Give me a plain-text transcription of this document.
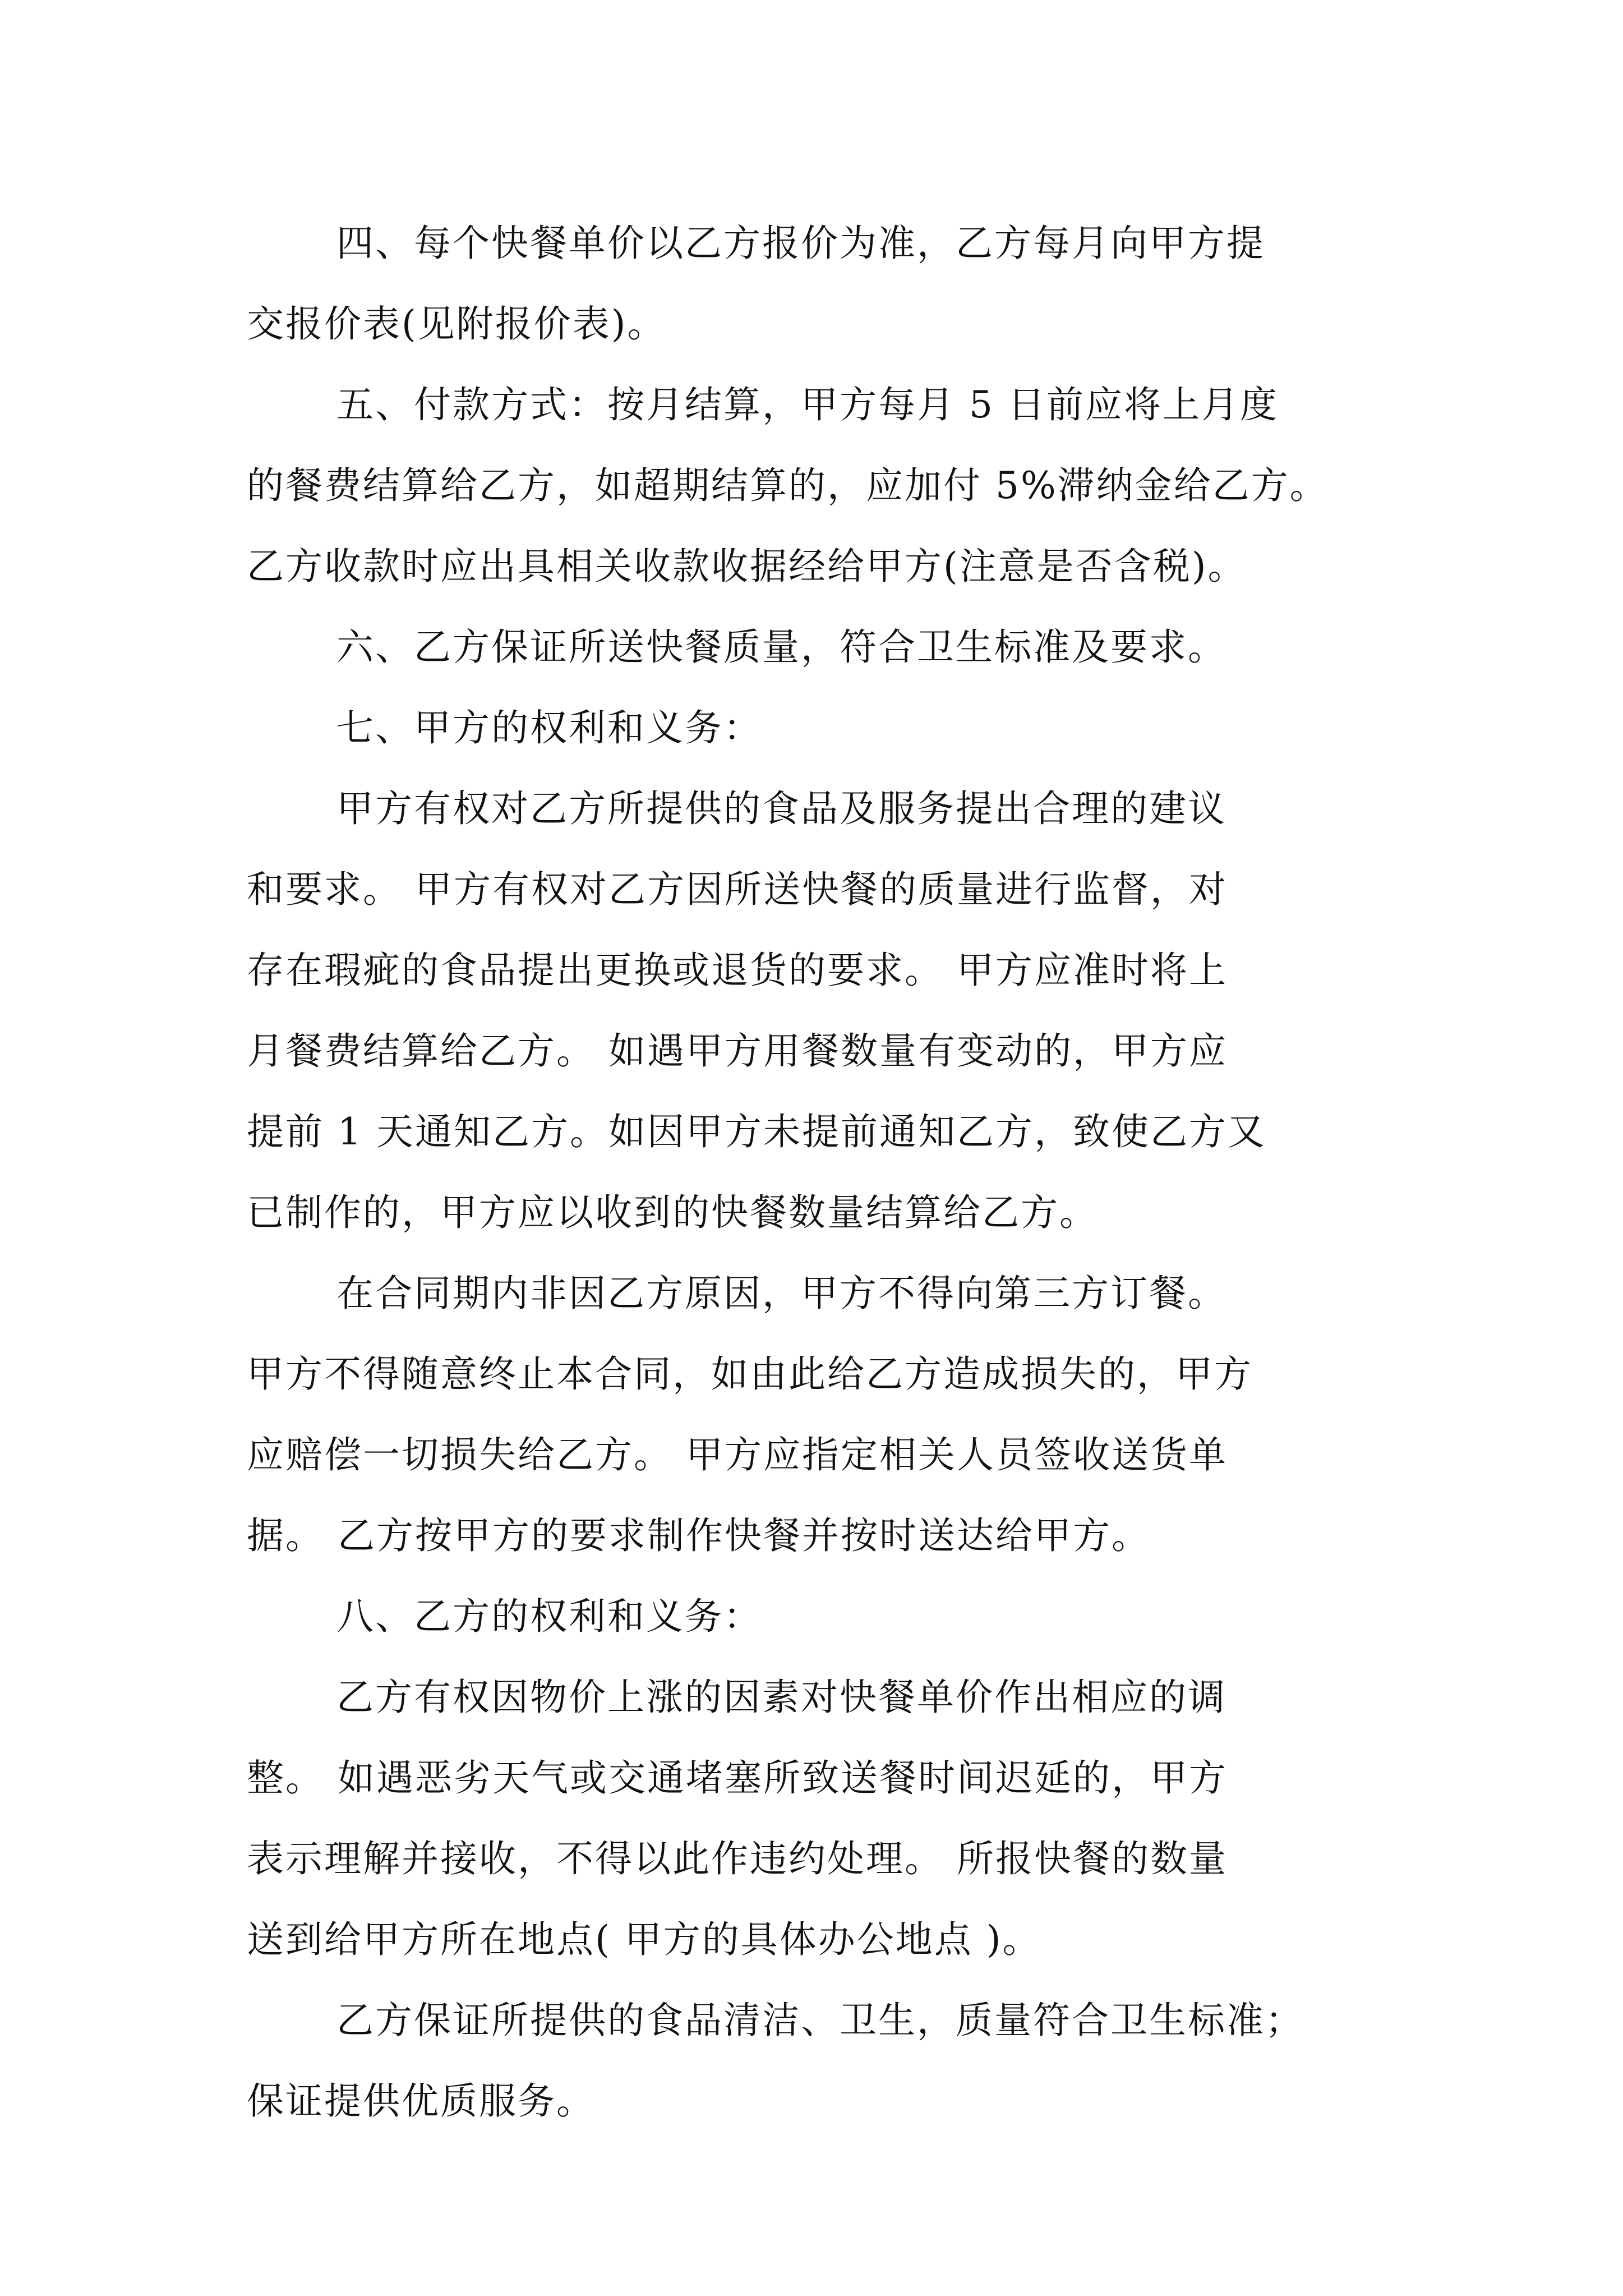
四、每个快餐单价以乙方报价为准，乙方每月向甲方提
交报价表(见附报价表)。
五、付款方式：按月结算，甲方每月 5 日前应将上月度
的餐费结算给乙方，如超期结算的，应加付 5%滞纳金给乙方。
乙方收款时应出具相关收款收据经给甲方(注意是否含税)。
六、乙方保证所送快餐质量，符合卫生标准及要求。
七、甲方的权利和义务：
甲方有权对乙方所提供的食品及服务提出合理的建议
和要求。 甲方有权对乙方因所送快餐的质量进行监督，对
存在瑕疵的食品提出更换或退货的要求。 甲方应准时将上
月餐费结算给乙方。 如遇甲方用餐数量有变动的，甲方应
提前 1 天通知乙方。如因甲方未提前通知乙方，致使乙方又
已制作的，甲方应以收到的快餐数量结算给乙方。
在合同期内非因乙方原因，甲方不得向第三方订餐。
甲方不得随意终止本合同，如由此给乙方造成损失的，甲方
应赔偿一切损失给乙方。 甲方应指定相关人员签收送货单
据。 乙方按甲方的要求制作快餐并按时送达给甲方。
八、乙方的权利和义务：
乙方有权因物价上涨的因素对快餐单价作出相应的调
整。 如遇恶劣天气或交通堵塞所致送餐时间迟延的，甲方
表示理解并接收，不得以此作违约处理。 所报快餐的数量
送到给甲方所在地点( 甲方的具体办公地点 )。
乙方保证所提供的食品清洁、卫生，质量符合卫生标准；
保证提供优质服务。
